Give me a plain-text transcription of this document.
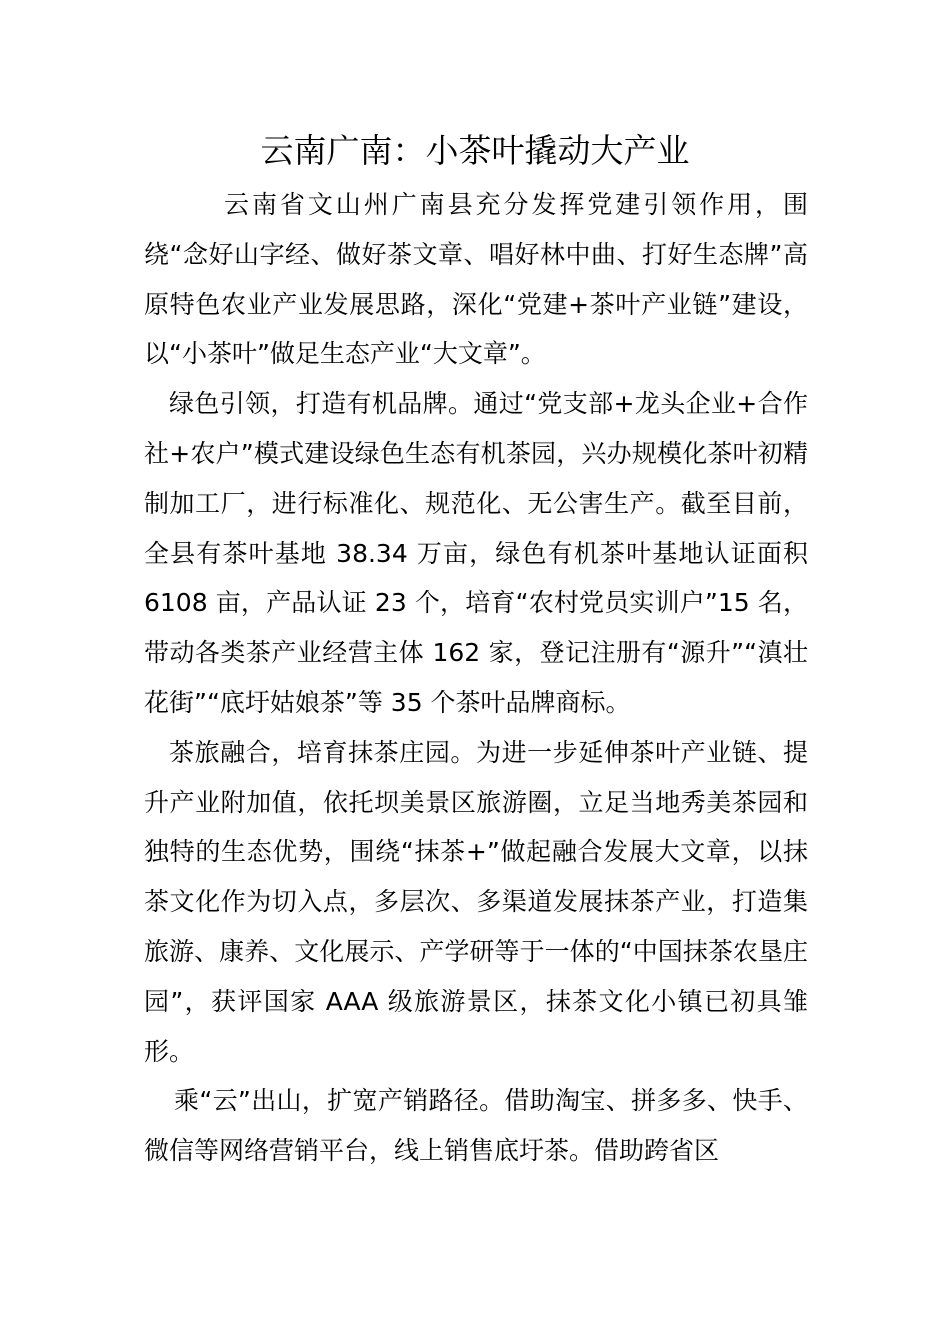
云南广南：小茶叶撬动大产业

云南省文山州广南县充分发挥党建引领作用，围绕“念好山字经、做好茶文章、唱好林中曲、打好生态牌”高原特色农业产业发展思路，深化“党建+茶叶产业链”建设，以“小茶叶”做足生态产业“大文章”。

绿色引领，打造有机品牌。通过“党支部+龙头企业+合作社+农户”模式建设绿色生态有机茶园，兴办规模化茶叶初精制加工厂，进行标准化、规范化、无公害生产。截至目前，全县有茶叶基地 38.34 万亩，绿色有机茶叶基地认证面积 6108 亩，产品认证 23 个，培育“农村党员实训户”15 名，带动各类茶产业经营主体 162 家，登记注册有“源升”“滇壮花街”“底圩姑娘茶”等 35 个茶叶品牌商标。

茶旅融合，培育抹茶庄园。为进一步延伸茶叶产业链、提升产业附加值，依托坝美景区旅游圈，立足当地秀美茶园和独特的生态优势，围绕“抹茶+”做起融合发展大文章，以抹茶文化作为切入点，多层次、多渠道发展抹茶产业，打造集旅游、康养、文化展示、产学研等于一体的“中国抹茶农垦庄园”，获评国家 AAA 级旅游景区，抹茶文化小镇已初具雏形。

乘“云”出山，扩宽产销路径。借助淘宝、拼多多、快手、微信等网络营销平台，线上销售底圩茶。借助跨省区
